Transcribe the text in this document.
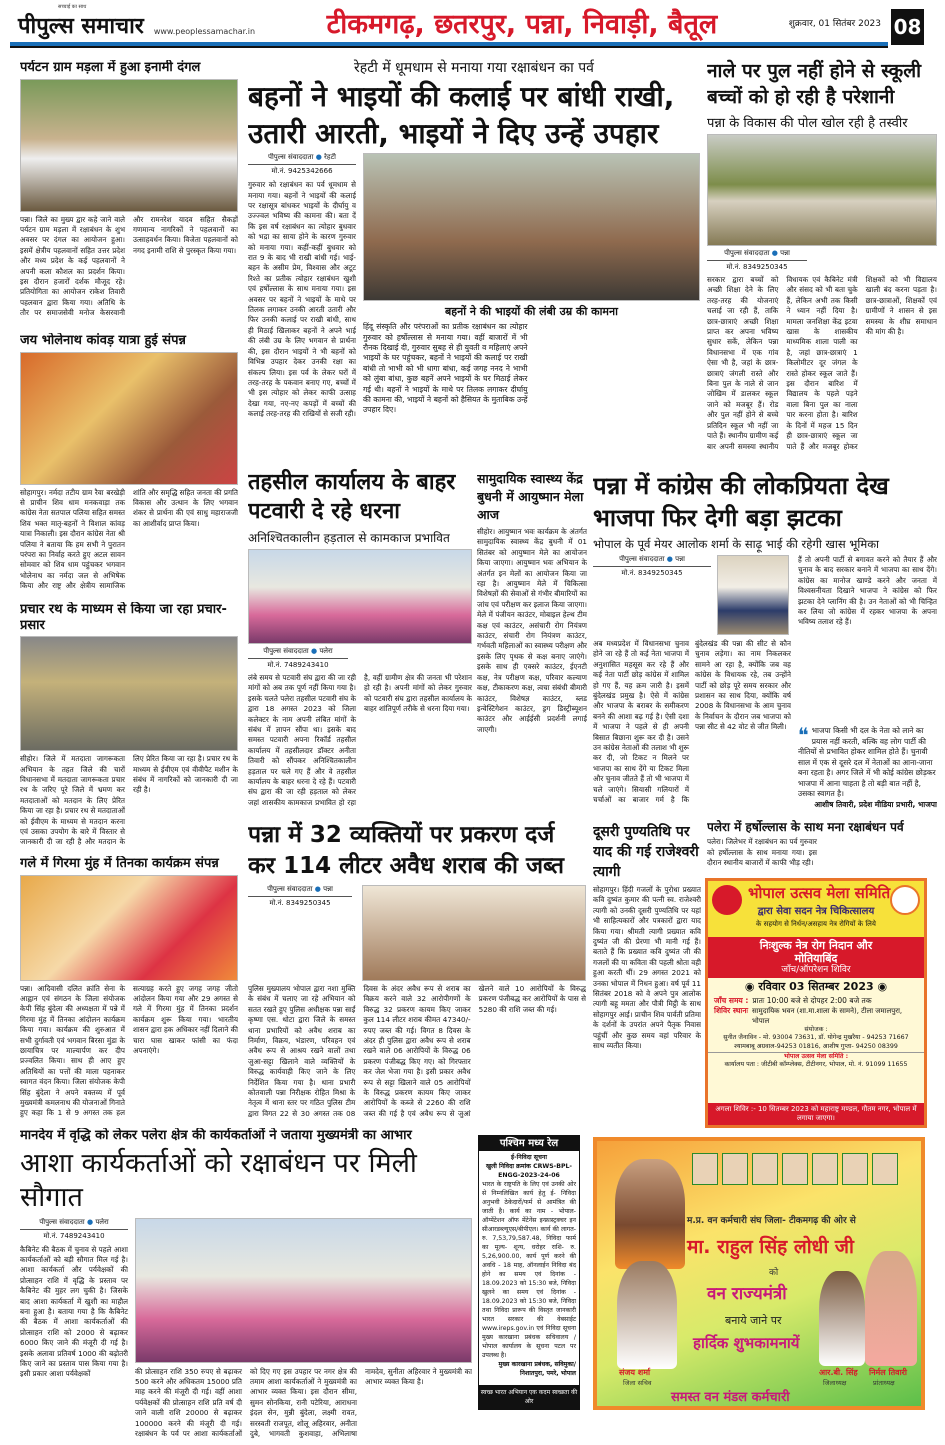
सच्चाई का साथ
पीपुल्स समाचार www.peoplessamachar.in	टीकमगढ़, छतरपुर, पन्ना, निवाड़ी, बैतूल	शुक्रवार, 01 सितंबर 2023 08
पर्यटन ग्राम मड़ला में हुआ इनामी दंगल
पन्ना। जिले का मुख्य द्वार कहे जाने वाले पर्यटन ग्राम मड़ला में रक्षाबंधन के शुभ अवसर पर दंगल का आयोजन हुआ। इसमें क्षेत्रीय पहलवानों सहित उत्तर प्रदेश और मध्य प्रदेश के कई पहलवानों ने अपनी कला कौशल का प्रदर्शन किया। इस दौरान हजारों दर्शक मौजूद रहे। प्रतियोगिता का आयोजन राकेश तिवारी पहलवान द्वारा किया गया। अतिथि के तौर पर समाजसेवी मनोज केसरवानी और रामनरेश यादव सहित सैकड़ों गणमान्य नागरिकों ने पहलवानों का उत्साहवर्धन किया। विजेता पहलवानों को नगद इनामी राशि से पुरस्कृत किया गया।
जय भोलेनाथ कांवड़ यात्रा हुई संपन्न
सोहागपुर। नर्मदा तटीय ग्राम रैवा बरखेड़ी से प्राचीन शिव धाम मनकवाड़ा तक कांग्रेस नेता सतपाल पलिया सहित समस्त शिव भक्त मातृ-बहनों ने विशाल कांवड़ यात्रा निकाली। इस दौरान कांग्रेस नेता श्री पलिया ने बताया कि हम सभी ने पुरातन परंपरा का निर्वाह करते हुए अटल सावन सोमवार को शिव धाम पहुंचकर भगवान भोलेनाथ का नर्मदा जल से अभिषेक किया और राष्ट्र और क्षेत्रीय सामाजिक शांति और समृद्धि सहित जनता की प्रगति विकास और उत्थान के लिए भगवान शंकर से प्रार्थना की एवं साधु महाराजजी का आशीर्वाद प्राप्त किया।
प्रचार रथ के माध्यम से किया जा रहा प्रचार-प्रसार
सीहोर। जिले में मतदाता जागरूकता अभियान के तहत जिले की चारों विधानसभा में मतदाता जागरूकता प्रचार रथ के जरिए पूरे जिले में भ्रमण कर मतदाताओं को मतदान के लिए प्रेरित किया जा रहा है। प्रचार रथ से मतदाताओं को ईवीएम के माध्यम से मतदान करना एवं उसका उपयोग के बारे में विस्तार से जानकारी दी जा रही है और मतदान के लिए प्रेरित किया जा रहा है। प्रचार रथ के माध्यम से ईवीएम एवं वीवीपैट मशीन के संबंध में नागरिकों को जानकारी दी जा रही है।
गले में गिरमा मुंह में तिनका कार्यक्रम संपन्न
पन्ना। आदिवासी दलित क्रांति सेना के आह्वान एवं संगठन के जिला संयोजक केपी सिंह बुंदेला की अध्यक्षता में पन्ने में गिरमा मुंह में तिनका आंदोलन कार्यक्रम किया गया। कार्यक्रम की शुरुआत में सभी दुर्गावती एवं भगवान बिरसा मुंडा के छायाचित्र पर माल्यार्पण कर दीप प्रज्वलित किया। साथ ही आए हुए अतिथियों का पत्तों की माला पहनाकर स्वागत वंदन किया। जिला संयोजक केपी सिंह बुंदेला ने अपने वक्तव्य में पूर्व मुख्यमंत्री कमलनाथ की योजनाओं गिनाते हुए कहा कि 1 से 9 अगस्त तक हल सत्याग्रह करते हुए जगह जगह जीतो आंदोलन किया गया और 29 अगस्त से गले में गिरमा मुंह में तिनका प्रदर्शन कार्यक्रम शुरू किया गया। भारतीय शासन द्वारा हक अधिकार नहीं दिलाने की चारा घास खाकर फांसी का फंदा अपनाएंगे।
रेहटी में धूमधाम से मनाया गया रक्षाबंधन का पर्व
बहनों ने भाइयों की कलाई पर बांधी राखी,
उतारी आरती, भाइयों ने दिए उन्हें उपहार
पीपुल्स संवाददाता ● रेहटी
मो.नं. 9425342666
गुरुवार को रक्षाबंधन का पर्व धूमधाम से मनाया गया। बहनों ने भाइयों की कलाई पर रक्षासूत्र बांधकर भाइयों के दीर्घायु व उज्ज्वल भविष्य की कामना की। बता दें कि इस वर्ष रक्षाबंधन का त्योहार बुधवार को भद्रा का साया होने के कारण गुरुवार को मनाया गया। कहीं-कहीं बुधवार को रात 9 के बाद भी राखी बांधी गई। भाई-बहन के असीम प्रेम, विश्वास और अटूट रिश्ते का प्रतीक त्योहार रक्षाबंधन खुशी एवं हर्षोल्लास के साथ मनाया गया। इस अवसर पर बहनों ने भाइयों के माथे पर तिलक लगाकर उनकी आरती उतारी और फिर उनकी कलाई पर राखी बांधी, साथ ही मिठाई खिलाकर बहनों ने अपने भाई की लंबी उम्र के लिए भगवान से प्रार्थना की, इस दौरान भाइयों ने भी बहनों को विभिन्न उपहार देकर उनकी रक्षा का संकल्प लिया। इस पर्व के लेकर घरों में तरह-तरह के पकवान बनाए गए, बच्चों में भी इस त्योहार को लेकर काफी उत्साह देखा गया, नए-नए कपड़ों में बच्चों की कलाई तरह-तरह की राखियों से सजी रही।
बहनों ने की भाइयों की लंबी उम्र की कामना
हिंदू संस्कृति और परंपराओं का प्रतीक रक्षाबंधन का त्योहार गुरुवार को हर्षोल्लास से मनाया गया। वहीं बाजारों में भी रौनक दिखाई दी, गुरुवार सुबह से ही युवती व महिलाएं अपने भाइयों के घर पहुंचकर, बहनों ने भाइयों की कलाई पर राखी बांधी तो भाभी को भी धागा बांधा, कई जगह ननद ने भाभी को लुंबा बांधा, कुछ बहनें अपने भाइयों के घर मिठाई लेकर गई थी। बहनों ने भाइयों के माथे पर तिलक लगाकर दीर्घायु की कामना की, भाइयों ने बहनों को हैसियत के मुताबिक उन्हें उपहार दिए।
नाले पर पुल नहीं होने से स्कूली बच्चों को हो रही है परेशानी
पन्ना के विकास की पोल खोल रही है तस्वीर
पीपुल्स संवाददाता ● पन्ना
मो.नं. 8349250345
सरकार द्वारा बच्चों को अच्छी शिक्षा देने के लिए तरह-तरह की योजनाएं चलाई जा रही हैं, ताकि छात्र-छात्राएं अच्छी शिक्षा प्राप्त कर अपना भविष्य सुधार सकें, लेकिन पन्ना विधानसभा में एक गांव ऐसा भी है, जहां के छात्र-छात्राएं जंगली रास्ते और बिना पुल के नाले से जान जोखिम में डालकर स्कूल जाने को मजबूर हैं। रोड और पुल नहीं होने से बच्चे प्रतिदिन स्कूल भी नहीं जा पाते हैं। स्थानीय ग्रामीण कई बार अपनी समस्या स्थानीय विधायक एवं कैबिनेट मंत्री और संसद को भी बता चुके हैं, लेकिन अभी तक किसी ने ध्यान नहीं दिया है। मामला जनशिक्षा केंद्र इटवा खास के शासकीय माध्यमिक शाला पाली का है, जहां छात्र-छात्राएं 1 किलोमीटर दूर जंगल के रास्ते होकर स्कूल जाते हैं। इस दौरान बारिश में विद्यालय के पहले पड़ने वाला बिना पुल का नाला पार करना होता है। बारिश के दिनों में महज 15 दिन ही छात्र-छात्राएं स्कूल जा पाते हैं और मजबूर होकर शिक्षकों को भी विद्यालय खाली बंद करना पड़ता है। छात्र-छात्राओं, शिक्षकों एवं ग्रामीणों ने शासन से इस समस्या के शीघ्र समाधान की मांग की है।
तहसील कार्यालय के बाहर पटवारी दे रहे धरना
अनिश्चितकालीन हड़ताल से कामकाज प्रभावित
पीपुल्स संवाददाता ● पलेरा
मो.नं. 7489243410
लंबे समय से पटवारी संघ द्वारा की जा रही मांगों को अब तक पूर्ण नहीं किया गया है। इसके चलते पलेरा तहसील पटवारी संघ के द्वारा 18 अगस्त 2023 को जिला कलेक्टर के नाम अपनी लंबित मांगों के संबंध में ज्ञापन सौंपा था। इसके बाद समस्त पटवारी अपना रिकॉर्ड तहसील कार्यालय में तहसीलदार डॉक्टर अनीता तिवारी को सौंपकर अनिश्चितकालीन हड़ताल पर चले गए हैं और वे तहसील कार्यालय के बाहर धरना दे रहे हैं। पटवारी संघ द्वारा की जा रही हड़ताल को लेकर जहां शासकीय कामकाज प्रभावित हो रहा है, वहीं ग्रामीण क्षेत्र की जनता भी परेशान हो रही है। अपनी मांगों को लेकर गुरुवार को पटवारी संघ द्वारा तहसील कार्यालय के बाहर शांतिपूर्ण तरीके से धरना दिया गया।
सामुदायिक स्वास्थ्य केंद्र बुधनी में आयुष्मान मेला आज
सीहोर। आयुष्मान भवः कार्यक्रम के अंतर्गत सामुदायिक स्वास्थ्य केंद्र बुधनी में 01 सितंबर को आयुष्मान मेले का आयोजन किया जाएगा। आयुष्मान भवः अभियान के अंतर्गत इन मेलों का आयोजन किया जा रहा है। आयुष्मान मेले में चिकित्सा विशेषज्ञों की सेवाओं से गंभीर बीमारियों का जांच एवं परीक्षण कर इलाज किया जाएगा। मेले में पंजीयन काउंटर, मोबाइल हेल्थ टीम कक्ष एवं काउंटर, असंचारी रोग नियंत्रण काउंटर, संचारी रोग नियंत्रण काउंटर, गर्भवती महिलाओं का स्वास्थ्य परीक्षण और इसके लिए पृथक से कक्ष बनाए जाएंगे। इसके साथ ही एक्सरे काउंटर, ईएनटी कक्ष, नेत्र परीक्षण कक्ष, परिवार कल्याण कक्ष, टीकाकरण कक्ष, त्वचा संबंधी बीमारी काउंटर, विशेषज्ञ काउंटर, ब्लड इन्वेस्टिगेशन काउंटर, ड्रग डिस्ट्रीब्यूशन काउंटर और आईईसी प्रदर्शनी लगाई जाएगी।
पन्ना में कांग्रेस की लोकप्रियता देख भाजपा फिर देगी बड़ा झटका
भोपाल के पूर्व मेयर आलोक शर्मा के साढ़ू भाई की रहेगी खास भूमिका
पीपुल्स संवाददाता ● पन्ना
मो.नं. 8349250345
अब मध्यप्रदेश में विधानसभा चुनाव होने जा रहे हैं तो कई नेता भाजपा में अनुशासित महसूस कर रहे हैं और कई नेता पार्टी छोड़ कांग्रेस में शामिल हो गए हैं, यह क्रम जारी है। इसमें बुंदेलखंड प्रमुख है। ऐसे में कांग्रेस और भाजपा के बराबर के समीकरण बनने की आशा बढ़ गई है। ऐसी दशा में भाजपा ने पहले से ही अपनी बिसात बिछाना शुरू कर दी है। उसने उन कांग्रेस नेताओं की तलाश भी शुरू कर दी, जो टिकट न मिलने पर भाजपा का साथ देंगे या टिकट मिला और चुनाव जीतते हैं तो भी भाजपा में चले जाएंगे। सियासी गलियारों में चर्चाओं का बाजार गर्म है कि बुंदेलखंड की पन्ना की सीट से कौन चुनाव लड़ेगा। का नाम निकलकर सामने आ रहा है, क्योंकि जब वह कांग्रेस के विधायक रहे, तब उन्होंने पार्टी को छोड़ पूरे समय सरकार और प्रशासन का साथ दिया, क्योंकि वर्ष 2008 के विधानसभा के आम चुनाव के निर्वाचन के दौरान जब भाजपा को पन्ना सीट से 42 वोट से जीत मिली।
हैं तो अपनी पार्टी से बगावत करने को तैयार हैं और चुनाव के बाद सरकार बनाने में भाजपा का साथ देंगे। कांग्रेस का मानोज खाण्डे करने और जनता में विश्वसनीयता दिखाने भाजपा ने कांग्रेस को फिर झटका देने प्लानिंग की है। उन नेताओं को भी चिन्हित कर लिया जो कांग्रेस में रहकर भाजपा के अपना भविष्य तलाश रहे हैं।
❝ भाजपा किसी भी दल के नेता को लाने का प्रयास नहीं करती, बल्कि वह लोग पार्टी की नीतियों से प्रभावित होकर शामिल होते हैं। चुनावी साल में एक से दूसरे दल में नेताओं का आना-जाना बना रहता है। अगर जिले में भी कोई कांग्रेस छोड़कर भाजपा में आना चाहता है तो बड़ी बात नहीं है, उसका स्वागत है।
आशीष तिवारी, प्रदेश मीडिया प्रभारी, भाजपा
पन्ना में 32 व्यक्तियों पर प्रकरण दर्ज कर 114 लीटर अवैध शराब की जब्त
पीपुल्स संवाददाता ● पन्ना
मो.नं. 8349250345
पुलिस मुख्यालय भोपाल द्वारा नशा मुक्ति के संबंध में चलाए जा रहे अभियान को सतत रखते हुए पुलिस अधीक्षक पन्ना साईं कृष्णा एस. थोटा द्वारा जिले के समस्त थाना प्रभारियों को अवैध शराब का निर्माण, विक्रय, भंडारण, परिवहन एवं अवैध रूप से आश्रय रखने वालों तथा जुआ-सट्टा खिलाने वाले व्यक्तियों के विरुद्ध कार्यवाही किए जाने के लिए निर्देशित किया गया है। थाना प्रभारी कोतवाली पन्ना निरीक्षक रोहित मिश्रा के नेतृत्व में थाना स्तर पर गठित पुलिस टीम द्वारा विगत 22 से 30 अगस्त तक 08 दिवस के अंदर अवैध रूप से शराब का विक्रय करने वाले 32 आरोपीगणों के विरुद्ध 32 प्रकरण कायम किए जाकर कुल 114 लीटर शराब कीमत 47340/-रुपए जब्त की गई। विगत 8 दिवस के अंदर ही पुलिस द्वारा अवैध रूप से शराब रखने वाले 06 आरोपियों के विरुद्ध 06 प्रकरण पंजीबद्ध किए गए। को गिरफ्तार कर जेल भेजा गया है। इसी प्रकार अवैध रूप से सट्टा खिलाने वाले 05 आरोपियों के विरुद्ध प्रकरण कायम किए जाकर आरोपियों के कब्जे से 2260 की राशि जब्त की गई है एवं अवैध रूप से जुआं खेलने वाले 10 आरोपियों के विरुद्ध प्रकरण पंजीबद्ध कर आरोपियों के पास से 5280 की राशि जब्त की गई।
दूसरी पुण्यतिथि पर याद की गई राजेश्वरी त्यागी
सोहागपुर। हिंदी गजलों के पुरोधा प्रख्यात कवि दुष्यंत कुमार की पत्नी स्व. राजेश्वरी त्यागी को उनकी दूसरी पुण्यतिथि पर यहां भी साहित्यकारों और पत्रकारों द्वारा याद किया गया। श्रीमती त्यागी प्रख्यात कवि दुष्यंत जी की प्रेरणा भी मानी गई हैं। बताते हैं कि प्रख्यात कवि दुष्यंत जी की गजलों की या कविता की पहली श्रोता वही हुआ करती थीं। 29 अगस्त 2021 को उनका भोपाल में निधन हुआ। वर्ष पूर्व 11 सितंबर 2018 को वे अपने पुत्र आलोक त्यागी बहू ममता और पौत्री मिट्ठी के साथ सोहागपुर आई। प्राचीन शिव पार्वती प्रतिमा के दर्शनों के उपरांत अपने पैतृक निवास पहुंचीं और कुछ समय वहां परिवार के साथ व्यतीत किया।
पलेरा में हर्षोल्लास के साथ मना रक्षाबंधन पर्व
पलेरा। जिलेभर में रक्षाबंधन का पर्व गुरुवार को हर्षोल्लास के साथ मनाया गया। इस दौरान स्थानीय बाजारों में काफी भीड़ रही।
भोपाल उत्सव मेला समिति
द्वारा सेवा सदन नेत्र चिकित्सालय
के सहयोग से निर्धन/असहाय नेत्र रोगियों के लिये
निःशुल्क नेत्र रोग निदान और
मोतियाबिंद
जाँच/ऑपरेशन शिविर
◉ रविवार 03 सितम्बर 2023 ◉
जाँच समय : प्रातः 10:00 बजे से दोपहर 2:00 बजे तक
शिविर स्थानः सामुदायिक भवन (शा.मा.शाला के सामने), टीला जमालपुरा, भोपाल
संयोजक :
सुनीत जैनाविन - मो. 93004 73631, डॉ. योगेन्द्र मुखरैया - 94253 71667
श्यामबाबू अग्रवाल-94253 01816, आशीष गुप्ता- 94250 08399
भोपाल उत्सव मेला समिति :
कार्यालय पता : जीटीबी कॉम्प्लेक्स, टीटीनगर, भोपाल, मो. नं. 91099 11655
अगला शिविर :- 10 सितम्बर 2023 को महाराष्ट्र मण्डल, गौतम नगर, भोपाल में लगाया जाएगा।
मानदेय में वृद्धि को लेकर पलेरा क्षेत्र की कार्यकर्ताओं ने जताया मुख्यमंत्री का आभार
आशा कार्यकर्ताओं को रक्षाबंधन पर मिली सौगात
पीपुल्स संवाददाता ● पलेरा
मो.नं. 7489243410
कैबिनेट की बैठक में चुनाव से पहले आशा कार्यकर्ताओं को बड़ी सौगात मिल गई है। आशा कार्यकर्ता और पर्यवेक्षकों की प्रोत्साहन राशि में वृद्धि के प्रस्ताव पर कैबिनेट की मुहर लग चुकी है। जिसके बाद आशा कार्यकर्ता में खुशी का माहौल बना हुआ है। बताया गया है कि कैबिनेट की बैठक में आशा कार्यकर्ताओं की प्रोत्साहन राशि को 2000 से बढ़ाकर 6000 किए जाने की मंजूरी दी गई है। इसके अलावा प्रतिवर्ष 1000 की बढ़ोतरी किए जाने का प्रस्ताव पास किया गया है। इसी प्रकार आशा पर्यवेक्षकों	की प्रोत्साहन राशि 350 रुपए से बढ़ाकर 500 करने और अधिकतम 15000 प्रति माह करने की मंजूरी दी गई। वहीं आशा पर्यवेक्षकों की प्रोत्साहन राशि प्रति वर्ष दी जाने वाली राशि 20000 से बढ़ाकर 100000 करने की मंजूरी दी गई। रक्षाबंधन के पर्व पर आशा कार्यकर्ताओं को दिए गए इस उपहार पर नगर क्षेत्र की तमाम आशा कार्यकर्ताओं ने मुख्यमंत्री का आभार व्यक्त किया। इस दौरान सीमा, सुमन सोनकिया, रानी पटेरिया, आराधना इंदल सेन, मुन्नी बुंदेला, लक्ष्मी रावत, सरस्वती राजपूत, शोलू अहिरवार, अनीता दुबे, भागवती कुशवाहा, अभिलाषा नामदेव, सुनीता अहिरवार ने मुख्यमंत्री का आभार व्यक्त किया है।
पश्चिम मध्य रेल
ई-निविदा सूचना
खुली निविदा क्रमांक CRWS-BPL-ENGG-2023-24-06
भारत के राष्ट्रपति के लिए एवं उनकी ओर से निम्नलिखित कार्य हेतु ई- निविदा अनुभवी ठेकेदारों/फर्म से आमंत्रित की जाती है। कार्य का नाम - भोपाल- ऑग्मेंटेशन ऑफ मेंटेनेंस इन्फ्रास्ट्रक्चर इन सीआरडब्ल्यूएस/बीपीएल। कार्य की लागत- रु. 7,53,79,587.48, निविदा फार्म का मूल्य- शून्य, धरोहर राशि- रु. 5,26,900.00, कार्य पूर्ण करने की अवधि - 18 माह, ऑनलाईन निविदा बंद होने का समय एवं दिनांक - 18.09.2023 को 15:30 बजे, निविदा खुलने का समय एवं दिनांक - 18.09.2023 को 15:30 बजे, निविदा तथा निविदा प्रारूप की विस्तृत जानकारी भारत सरकार की वेबसाईट www.ireps.gov.in एवं निविदा सूचना मुख्य कारखाना प्रबंधक सचिवालय /भोपाल कार्यालय के सूचना पटल पर उपलब्ध है।
मुख्य कारखाना प्रबंधक, सविमुका/निशातपुरा, पमरे, भोपाल
स्वच्छ भारत अभियान एक कदम स्वच्छता की ओर
म.प्र. वन कर्मचारी संघ जिला- टीकमगढ़ की ओर से
मा. राहुल सिंह लोधी जी
को
वन राज्यमंत्री
बनाये जाने पर
हार्दिक शुभकामनायें
समस्त वन मंडल कर्मचारी
संजय शर्मा
जिला सचिव
आर.बी. सिंह
जिलाध्यक्ष
निर्मल तिवारी
प्रांताध्यक्ष
